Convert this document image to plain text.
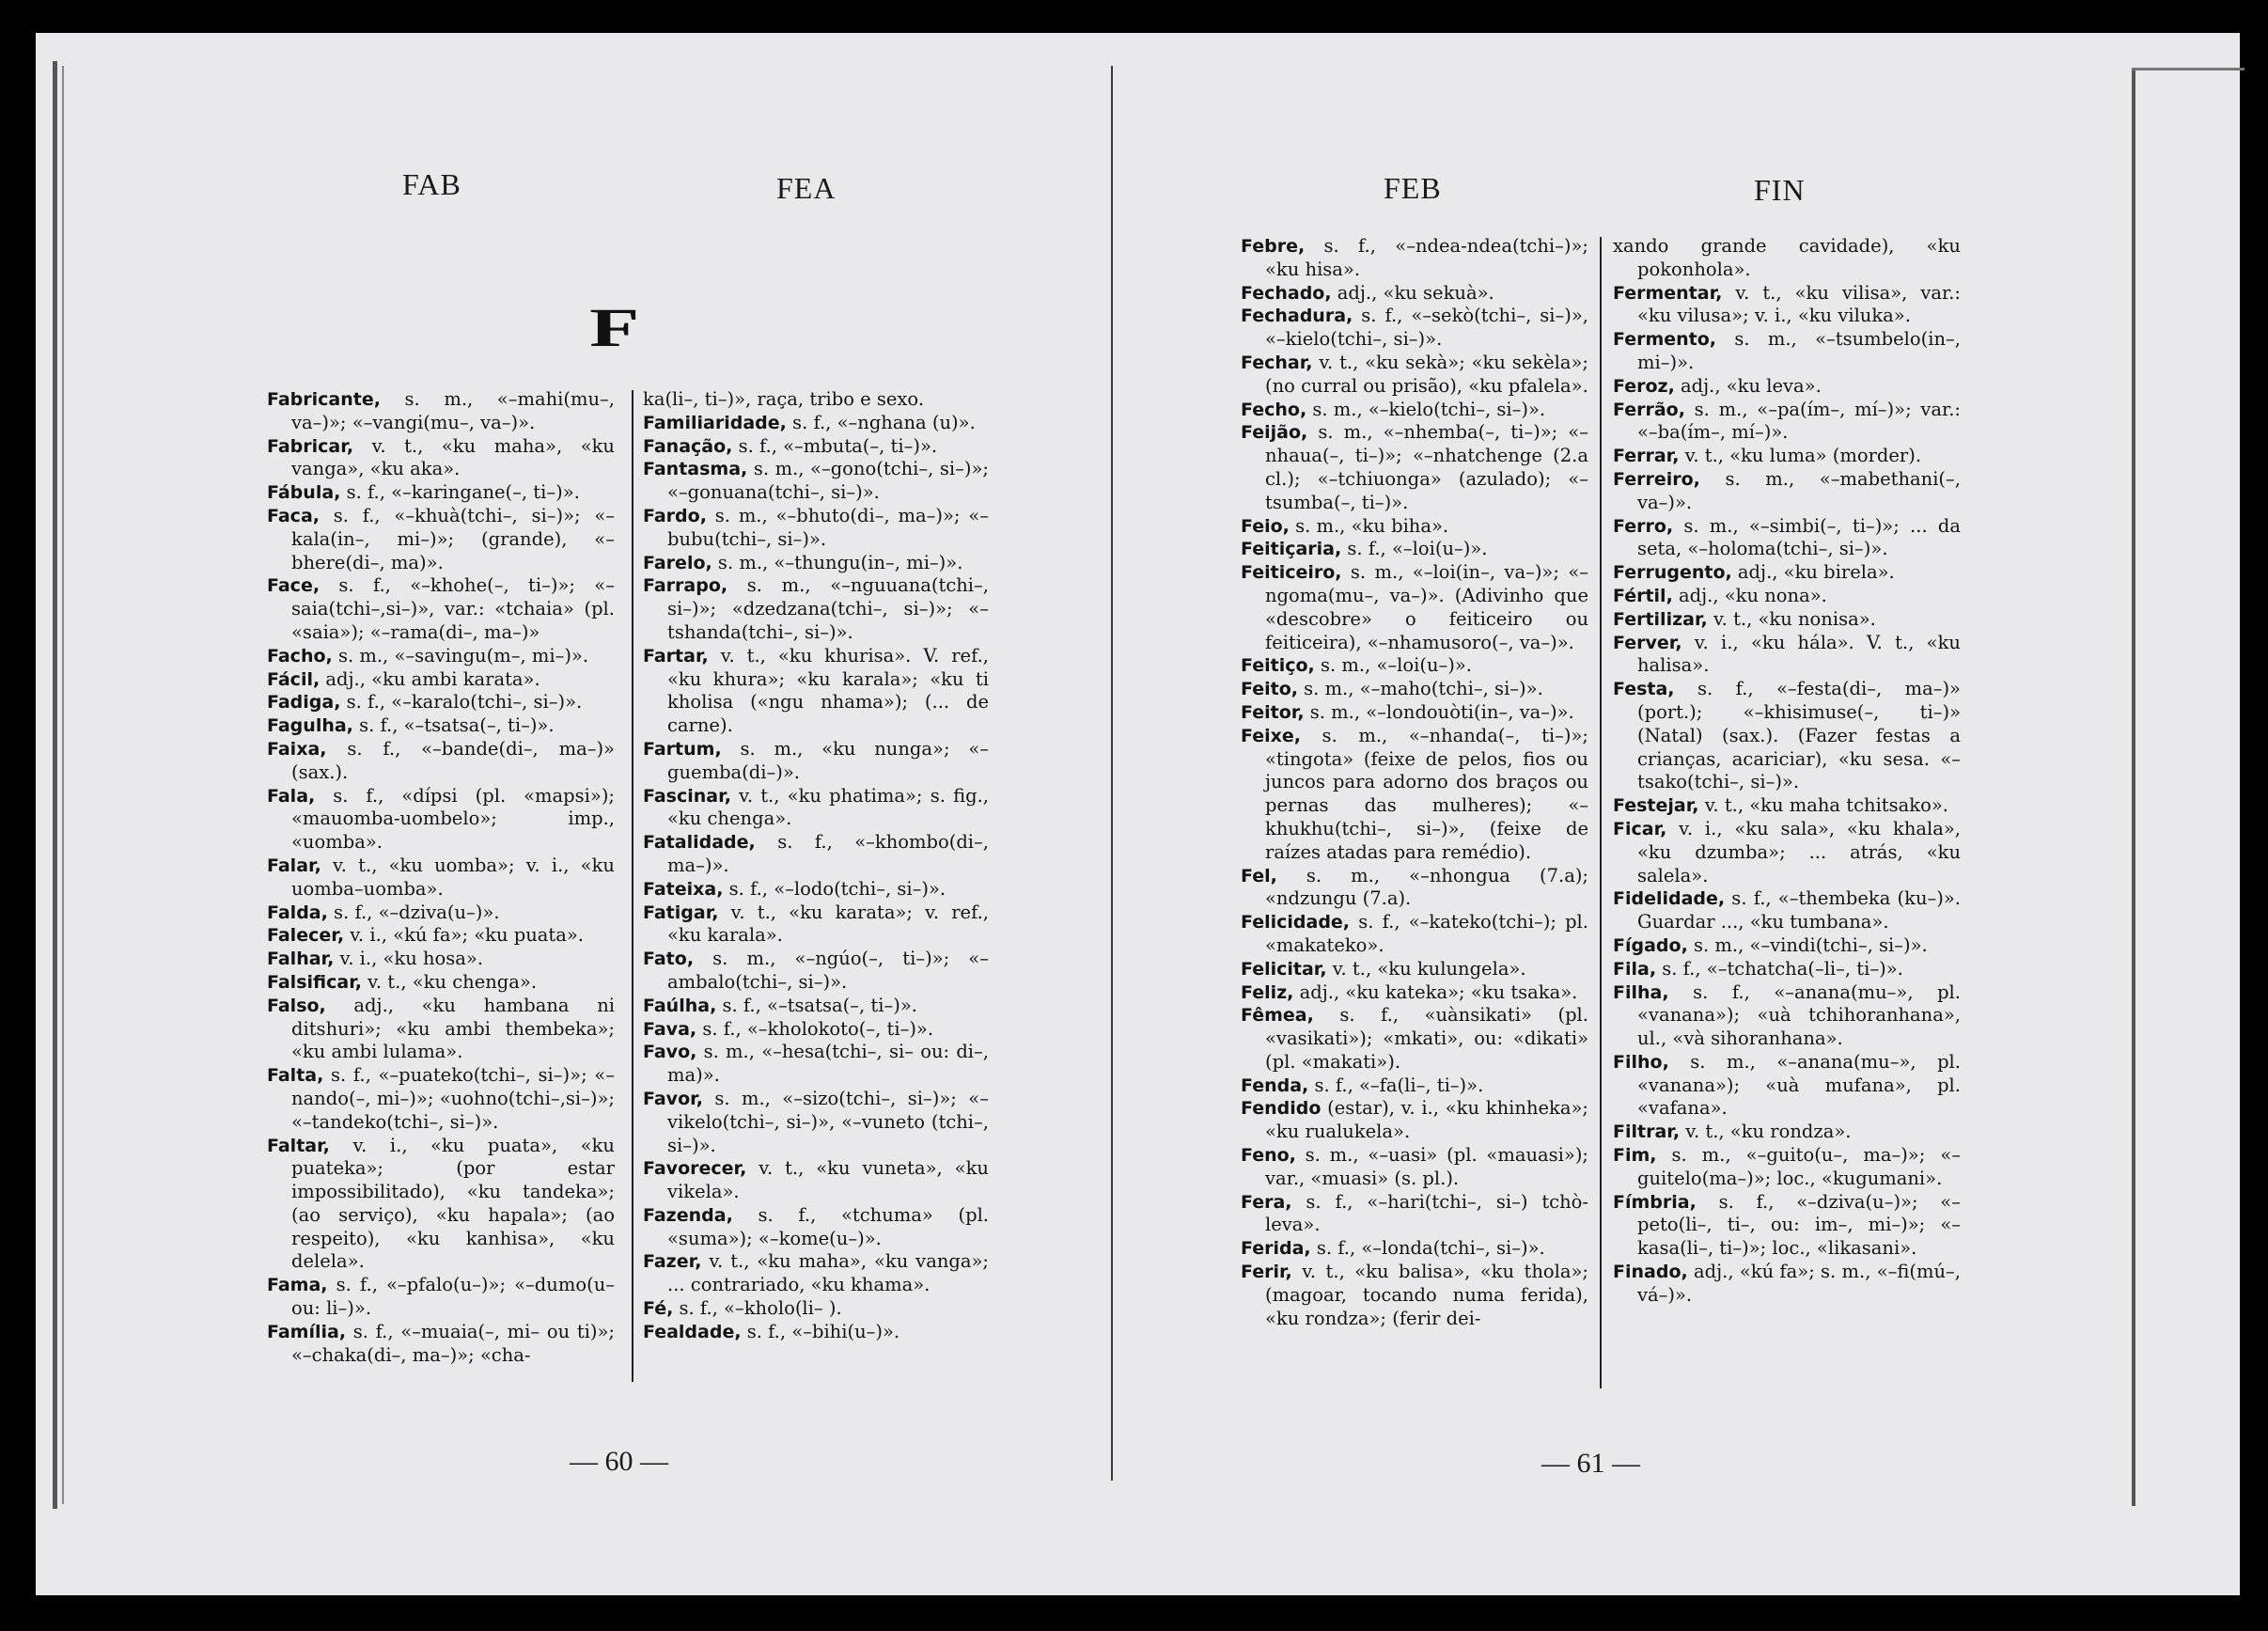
FAB	FEA
F

Fabricante, s. m., «–mahi(mu–, va–)»; «–vangi(mu–, va–)».

Fabricar, v. t., «ku maha», «ku vanga», «ku aka».

Fábula, s. f., «–karingane(–, ti–)».

Faca, s. f., «–khuà(tchi–, si–)»; «–kala(in–, mi–)»; (grande), «–bhere(di–, ma)».

Face, s. f., «–khohe(–, ti–)»; «–saia(tchi–,si–)», var.: «tchaia» (pl. «saia»); «–rama(di–, ma–)»

Facho, s. m., «–savingu(m–, mi–)».

Fácil, adj., «ku ambi karata».

Fadiga, s. f., «–karalo(tchi–, si–)».

Fagulha, s. f., «–tsatsa(–, ti–)».

Faixa, s. f., «–bande(di–, ma–)» (sax.).

Fala, s. f., «dípsi (pl. «mapsi»); «mauomba-uombelo»; imp., «uomba».

Falar, v. t., «ku uomba»; v. i., «ku uomba–uomba».

Falda, s. f., «–dziva(u–)».

Falecer, v. i., «kú fa»; «ku puata».

Falhar, v. i., «ku hosa».

Falsificar, v. t., «ku chenga».

Falso, adj., «ku hambana ni ditshuri»; «ku ambi thembeka»; «ku ambi lulama».

Falta, s. f., «–puateko(tchi–, si–)»; «–nando(–, mi–)»; «uohno(tchi–,si–)»; «–tandeko(tchi–, si–)».

Faltar, v. i., «ku puata», «ku puateka»; (por estar impossibilitado), «ku tandeka»; (ao serviço), «ku hapala»; (ao respeito), «ku kanhisa», «ku delela».

Fama, s. f., «–pfalo(u–)»; «–dumo(u– ou: li–)».

Família, s. f., «–muaia(–, mi– ou ti)»; «–chaka(di–, ma–)»; «cha-

ka(li–, ti–)», raça, tribo e sexo.

Familiaridade, s. f., «–nghana (u)».

Fanação, s. f., «–mbuta(–, ti–)».

Fantasma, s. m., «–gono(tchi–, si–)»; «–gonuana(tchi–, si–)».

Fardo, s. m., «–bhuto(di–, ma–)»; «–bubu(tchi–, si–)».

Farelo, s. m., «–thungu(in–, mi–)».

Farrapo, s. m., «–nguuana(tchi–, si–)»; «dzedzana(tchi–, si–)»; «–tshanda(tchi–, si–)».

Fartar, v. t., «ku khurisa». V. ref., «ku khura»; «ku karala»; «ku ti kholisa («ngu nhama»); (... de carne).

Fartum, s. m., «ku nunga»; «–guemba(di–)».

Fascinar, v. t., «ku phatima»; s. fig., «ku chenga».

Fatalidade, s. f., «–khombo(di–, ma–)».

Fateixa, s. f., «–lodo(tchi–, si–)».

Fatigar, v. t., «ku karata»; v. ref., «ku karala».

Fato, s. m., «–ngúo(–, ti–)»; «–ambalo(tchi–, si–)».

Faúlha, s. f., «–tsatsa(–, ti–)».

Fava, s. f., «–kholokoto(–, ti–)».

Favo, s. m., «–hesa(tchi–, si– ou: di–, ma)».

Favor, s. m., «–sizo(tchi–, si–)»; «–vikelo(tchi–, si–)», «–vuneto (tchi–, si–)».

Favorecer, v. t., «ku vuneta», «ku vikela».

Fazenda, s. f., «tchuma» (pl. «suma»); «–kome(u–)».

Fazer, v. t., «ku maha», «ku vanga»; ... contrariado, «ku khama».

Fé, s. f., «–kholo(li– ).

Fealdade, s. f., «–bihi(u–)».

— 60 —
FEB	FIN

Febre, s. f., «–ndea-ndea(tchi–)»; «ku hisa».

Fechado, adj., «ku sekuà».

Fechadura, s. f., «–sekò(tchi–, si–)», «–kielo(tchi–, si–)».

Fechar, v. t., «ku sekà»; «ku sekèla»; (no curral ou prisão), «ku pfalela».

Fecho, s. m., «–kielo(tchi–, si–)».

Feijão, s. m., «–nhemba(–, ti–)»; «–nhaua(–, ti–)»; «–nhatchenge (2.a cl.); «–tchiuonga» (azulado); «–tsumba(–, ti–)».

Feio, s. m., «ku biha».

Feitiçaria, s. f., «–loi(u–)».

Feiticeiro, s. m., «–loi(in–, va–)»; «–ngoma(mu–, va–)». (Adivinho que «descobre» o feiticeiro ou feiticeira), «–nhamusoro(–, va–)».

Feitiço, s. m., «–loi(u–)».

Feito, s. m., «–maho(tchi–, si–)».

Feitor, s. m., «–londouòti(in–, va–)».

Feixe, s. m., «–nhanda(–, ti–)»; «tingota» (feixe de pelos, fios ou juncos para adorno dos braços ou pernas das mulheres); «–khukhu(tchi–, si–)», (feixe de raízes atadas para remédio).

Fel, s. m., «–nhongua (7.a); «ndzungu (7.a).

Felicidade, s. f., «–kateko(tchi–); pl. «makateko».

Felicitar, v. t., «ku kulungela».

Feliz, adj., «ku kateka»; «ku tsaka».

Fêmea, s. f., «uànsikati» (pl. «vasikati»); «mkati», ou: «dikati» (pl. «makati»).

Fenda, s. f., «–fa(li–, ti–)».

Fendido (estar), v. i., «ku khinheka»; «ku rualukela».

Feno, s. m., «–uasi» (pl. «mauasi»); var., «muasi» (s. pl.).

Fera, s. f., «–hari(tchi–, si–) tchò-leva».

Ferida, s. f., «–londa(tchi–, si–)».

Ferir, v. t., «ku balisa», «ku thola»; (magoar, tocando numa ferida), «ku rondza»; (ferir dei-

xando grande cavidade), «ku pokonhola».

Fermentar, v. t., «ku vilisa», var.: «ku vilusa»; v. i., «ku viluka».

Fermento, s. m., «–tsumbelo(in–, mi–)».

Feroz, adj., «ku leva».

Ferrão, s. m., «–pa(ím–, mí–)»; var.: «–ba(ím–, mí–)».

Ferrar, v. t., «ku luma» (morder).

Ferreiro, s. m., «–mabethani(–, va–)».

Ferro, s. m., «–simbi(–, ti–)»; ... da seta, «–holoma(tchi–, si–)».

Ferrugento, adj., «ku birela».

Fértil, adj., «ku nona».

Fertilizar, v. t., «ku nonisa».

Ferver, v. i., «ku hála». V. t., «ku halisa».

Festa, s. f., «–festa(di–, ma–)» (port.); «–khisimuse(–, ti–)» (Natal) (sax.). (Fazer festas a crianças, acariciar), «ku sesa. «–tsako(tchi–, si–)».

Festejar, v. t., «ku maha tchitsako».

Ficar, v. i., «ku sala», «ku khala», «ku dzumba»; ... atrás, «ku salela».

Fidelidade, s. f., «–thembeka (ku–)». Guardar ..., «ku tumbana».

Fígado, s. m., «–vindi(tchi–, si–)».

Fila, s. f., «–tchatcha(–li–, ti–)».

Filha, s. f., «–anana(mu–», pl. «vanana»); «uà tchihoranhana», ul., «và sihoranhana».

Filho, s. m., «–anana(mu–», pl. «vanana»); «uà mufana», pl. «vafana».

Filtrar, v. t., «ku rondza».

Fim, s. m., «–guito(u–, ma–)»; «–guitelo(ma–)»; loc., «kugumani».

Fímbria, s. f., «–dziva(u–)»; «–peto(li–, ti–, ou: im–, mi–)»; «–kasa(li–, ti–)»; loc., «likasani».

Finado, adj., «kú fa»; s. m., «–fi(mú–, vá–)».

— 61 —
